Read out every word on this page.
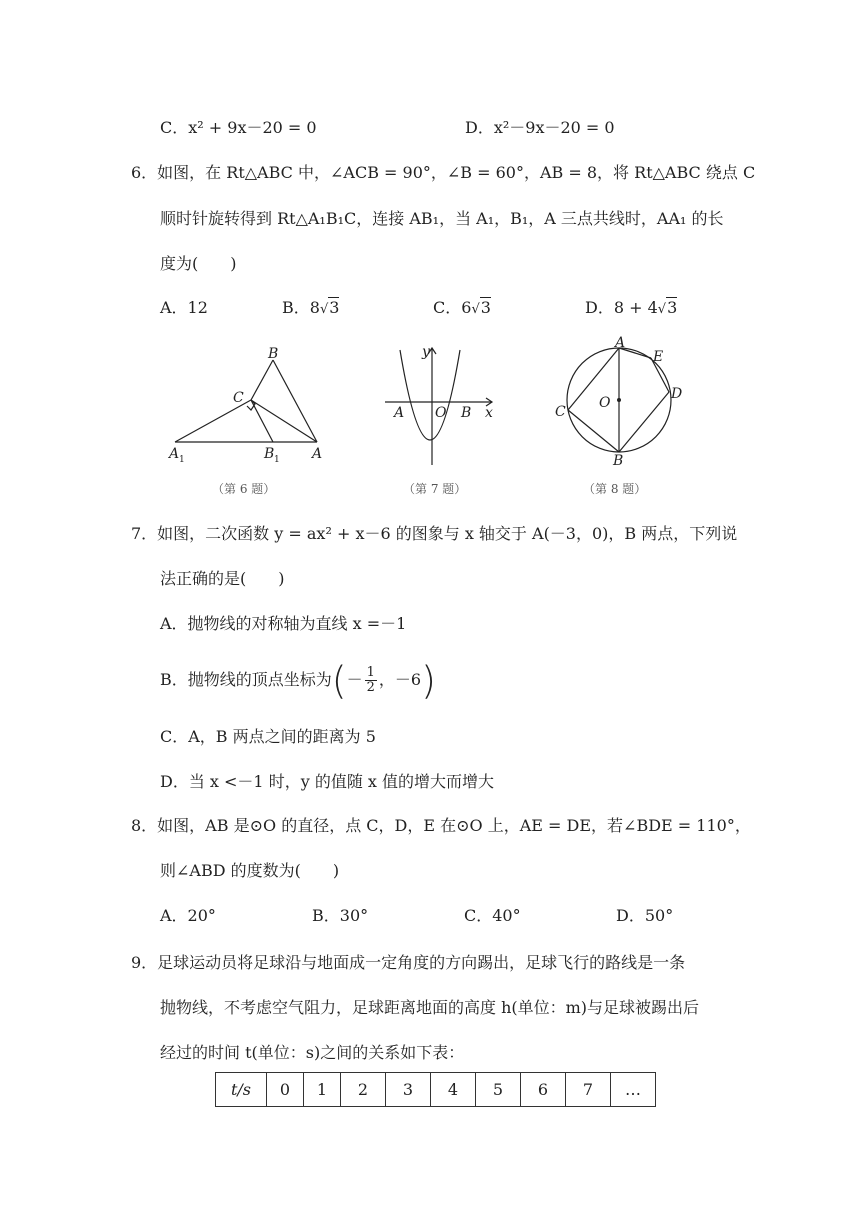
C．x² + 9x－20 = 0	D．x²－9x－20 = 0
6．如图，在 Rt△ABC 中，∠ACB = 90°，∠B = 60°，AB = 8，将 Rt△ABC 绕点 C
顺时针旋转得到 Rt△A₁B₁C，连接 AB₁，当 A₁，B₁，A 三点共线时，AA₁ 的长
度为(　　)
A．12	B．8√3	C．6√3	D．8 + 4√3
B
C
A 1	B 1 A
（第 6 题）
y
x
A O B
（第 7 题）
A
E
D
C
O
B
（第 8 题）
7．如图，二次函数 y = ax² + x－6 的图象与 x 轴交于 A(－3，0)，B 两点，下列说
法正确的是(　　)
A．抛物线的对称轴为直线 x =－1
B．抛物线的顶点坐标为(－ $\frac{1}{2}$ ，－6)
C．A，B 两点之间的距离为 5
D．当 x <－1 时，y 的值随 x 值的增大而增大
8．如图，AB 是⊙O 的直径，点 C，D，E 在⊙O 上，AE = DE，若∠BDE = 110°，
则∠ABD 的度数为(　　)
A．20°	B．30°	C．40°	D．50°
9．足球运动员将足球沿与地面成一定角度的方向踢出，足球飞行的路线是一条
抛物线，不考虑空气阻力，足球距离地面的高度 h(单位：m)与足球被踢出后
经过的时间 t(单位：s)之间的关系如下表：
t/s	0	1	2	3	4	5	6	7	…
